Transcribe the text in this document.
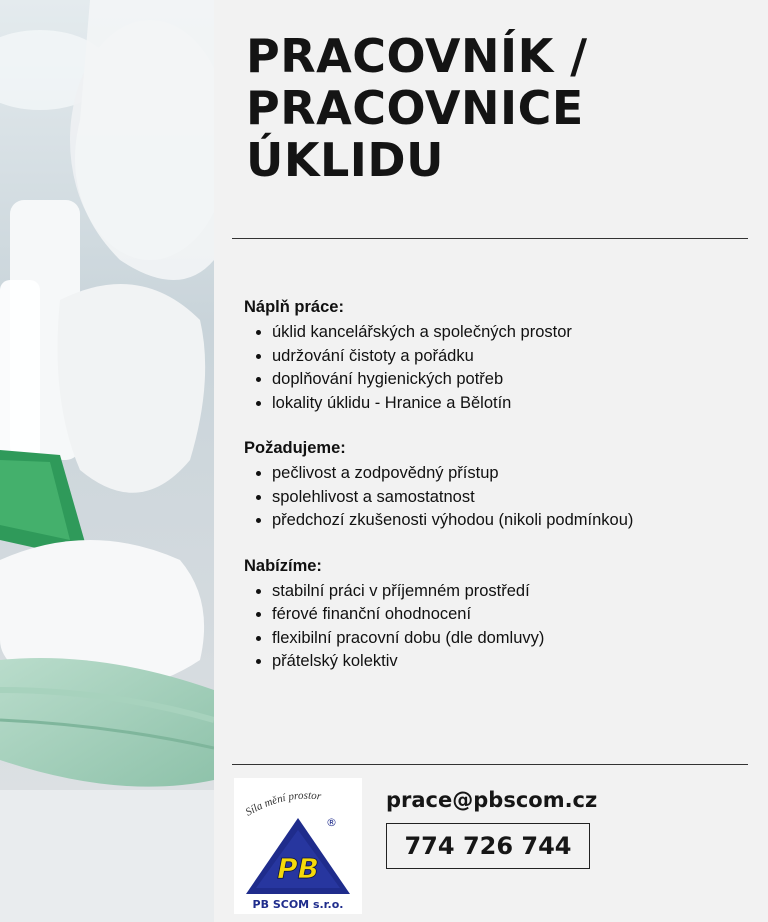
PRACOVNÍK /
PRACOVNICE
ÚKLIDU
Náplň práce:
• úklid kancelářských a společných prostor
• udržování čistoty a pořádku
• doplňování hygienických potřeb
• lokality úklidu - Hranice a Bělotín
Požadujeme:
• pečlivost a zodpovědný přístup
• spolehlivost a samostatnost
• předchozí zkušenosti výhodou (nikoli podmínkou)
Nabízíme:
• stabilní práci v příjemném prostředí
• férové finanční ohodnocení
• flexibilní pracovní dobu (dle domluvy)
• přátelský kolektiv
Síla mění prostor
PB
®
PB SCOM s.r.o.
prace@pbscom.cz
774 726 744
